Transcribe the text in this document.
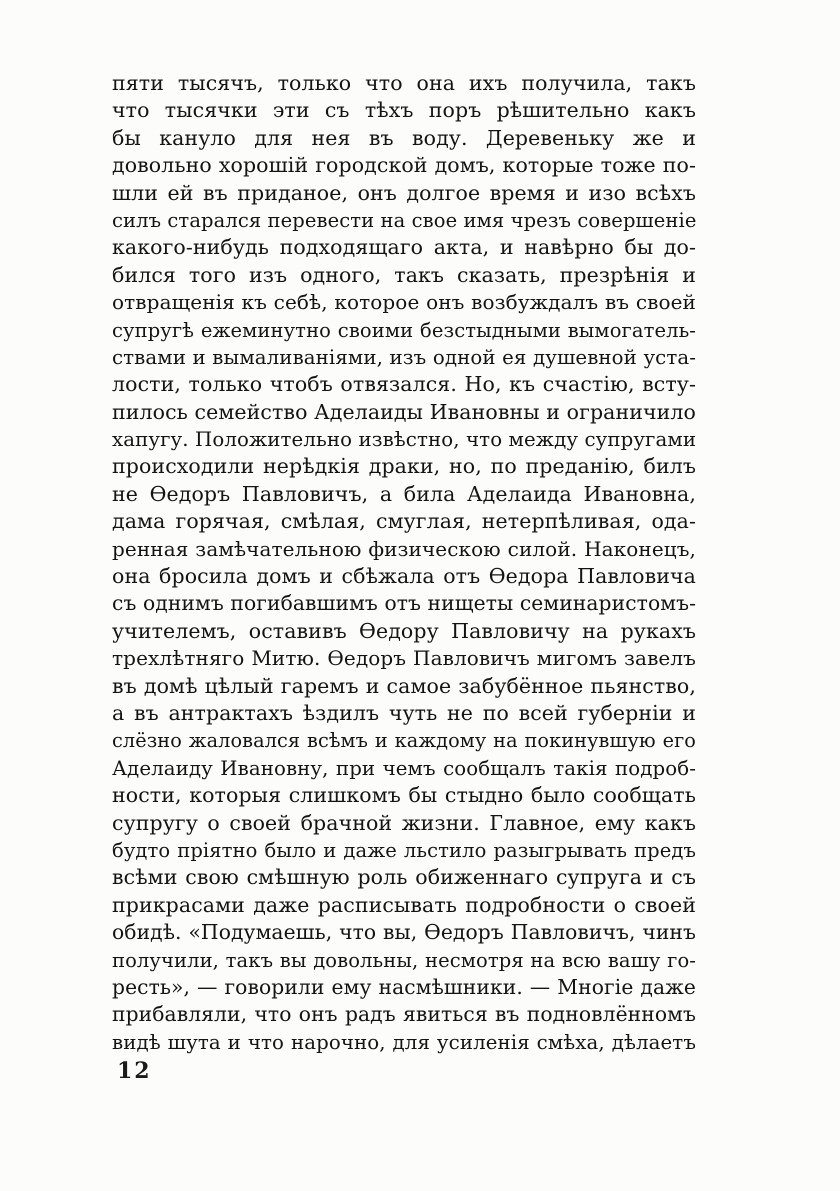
пяти тысячъ, только что она ихъ получила, такъ
что тысячки эти съ тѣхъ поръ рѣшительно какъ
бы кануло для нея въ воду. Деревеньку же и
довольно хорошій городской домъ, которые тоже по-
шли ей въ приданое, онъ долгое время и изо всѣхъ
силъ старался перевести на свое имя чрезъ совершеніе
какого-нибудь подходящаго акта, и навѣрно бы до-
бился того изъ одного, такъ сказать, презрѣнія и
отвращенія къ себѣ, которое онъ возбуждалъ въ своей
супругѣ ежеминутно своими безстыдными вымогатель-
ствами и вымаливаніями, изъ одной ея душевной уста-
лости, только чтобъ отвязался. Но, къ счастію, всту-
пилось семейство Аделаиды Ивановны и ограничило
хапугу. Положительно извѣстно, что между супругами
происходили нерѣдкія драки, но, по преданію, билъ
не Ѳедоръ Павловичъ, а била Аделаида Ивановна,
дама горячая, смѣлая, смуглая, нетерпѣливая, ода-
ренная замѣчательною физическою силой. Наконецъ,
она бросила домъ и сбѣжала отъ Ѳедора Павловича
съ однимъ погибавшимъ отъ нищеты семинаристомъ-
учителемъ, оставивъ Ѳедору Павловичу на рукахъ
трехлѣтняго Митю. Ѳедоръ Павловичъ мигомъ завелъ
въ домѣ цѣлый гаремъ и самое забубённое пьянство,
а въ антрактахъ ѣздилъ чуть не по всей губерніи и
слёзно жаловался всѣмъ и каждому на покинувшую его
Аделаиду Ивановну, при чемъ сообщалъ такія подроб-
ности, которыя слишкомъ бы стыдно было сообщать
супругу о своей брачной жизни. Главное, ему какъ
будто пріятно было и даже льстило разыгрывать предъ
всѣми свою смѣшную роль обиженнаго супруга и съ
прикрасами даже расписывать подробности о своей
обидѣ. «Подумаешь, что вы, Ѳедоръ Павловичъ, чинъ
получили, такъ вы довольны, несмотря на всю вашу го-
ресть», — говорили ему насмѣшники. — Многіе даже
прибавляли, что онъ радъ явиться въ подновлённомъ
видѣ шута и что нарочно, для усиленія смѣха, дѣлаетъ
12
